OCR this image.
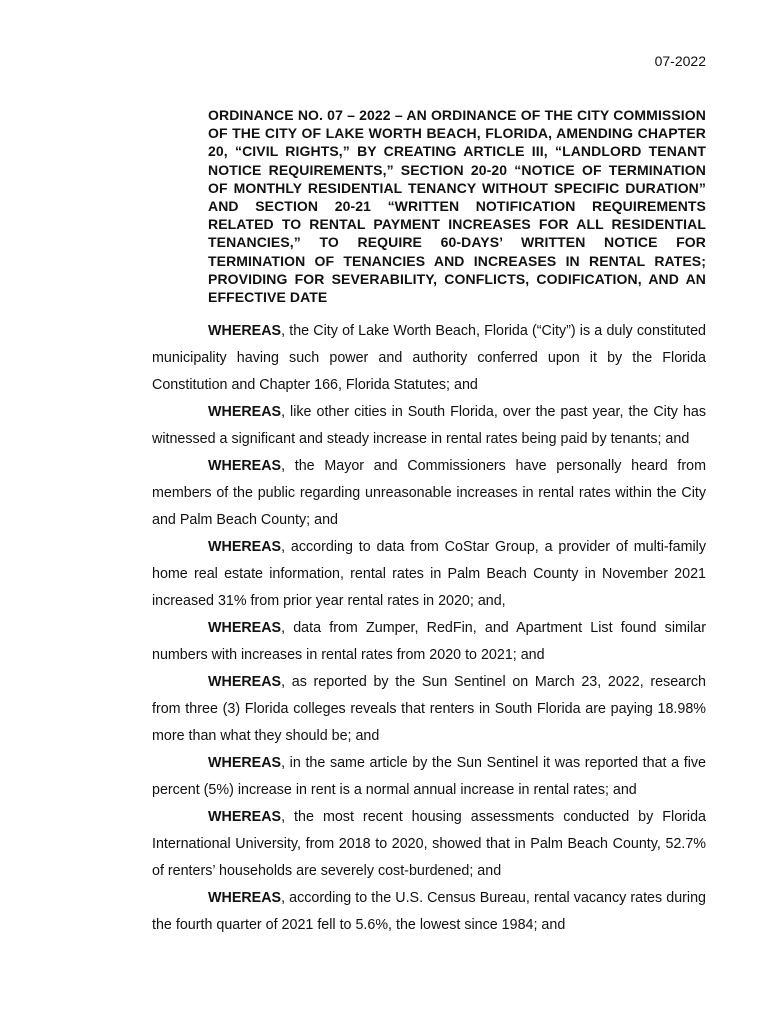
07-2022
ORDINANCE NO. 07 – 2022 – AN ORDINANCE OF THE CITY COMMISSION OF THE CITY OF LAKE WORTH BEACH, FLORIDA, AMENDING CHAPTER 20, “CIVIL RIGHTS,” BY CREATING ARTICLE III, “LANDLORD TENANT NOTICE REQUIREMENTS,” SECTION 20-20 “NOTICE OF TERMINATION OF MONTHLY RESIDENTIAL TENANCY WITHOUT SPECIFIC DURATION” AND SECTION 20-21 “WRITTEN NOTIFICATION REQUIREMENTS RELATED TO RENTAL PAYMENT INCREASES FOR ALL RESIDENTIAL TENANCIES,” TO REQUIRE 60-DAYS’ WRITTEN NOTICE FOR TERMINATION OF TENANCIES AND INCREASES IN RENTAL RATES; PROVIDING FOR SEVERABILITY, CONFLICTS, CODIFICATION, AND AN EFFECTIVE DATE

WHEREAS, the City of Lake Worth Beach, Florida (“City”) is a duly constituted municipality having such power and authority conferred upon it by the Florida Constitution and Chapter 166, Florida Statutes; and

WHEREAS, like other cities in South Florida, over the past year, the City has witnessed a significant and steady increase in rental rates being paid by tenants; and

WHEREAS, the Mayor and Commissioners have personally heard from members of the public regarding unreasonable increases in rental rates within the City and Palm Beach County; and

WHEREAS, according to data from CoStar Group, a provider of multi-family home real estate information, rental rates in Palm Beach County in November 2021 increased 31% from prior year rental rates in 2020; and,

WHEREAS, data from Zumper, RedFin, and Apartment List found similar numbers with increases in rental rates from 2020 to 2021; and

WHEREAS, as reported by the Sun Sentinel on March 23, 2022, research from three (3) Florida colleges reveals that renters in South Florida are paying 18.98% more than what they should be; and

WHEREAS, in the same article by the Sun Sentinel it was reported that a five percent (5%) increase in rent is a normal annual increase in rental rates; and

WHEREAS, the most recent housing assessments conducted by Florida International University, from 2018 to 2020, showed that in Palm Beach County, 52.7% of renters’ households are severely cost-burdened; and

WHEREAS, according to the U.S. Census Bureau, rental vacancy rates during the fourth quarter of 2021 fell to 5.6%, the lowest since 1984; and
